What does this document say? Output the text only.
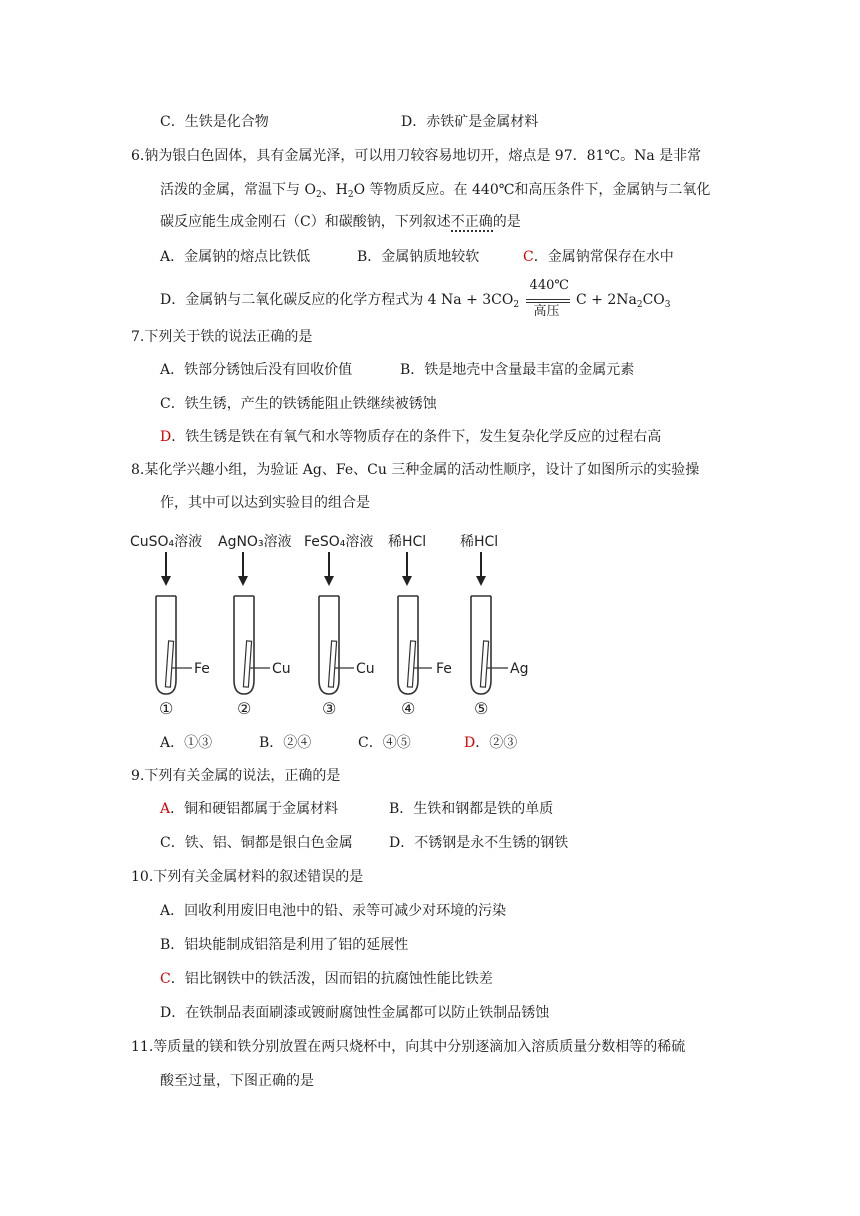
C．生铁是化合物	D．赤铁矿是金属材料
6.钠为银白色固体，具有金属光泽，可以用刀较容易地切开，熔点是 97．81℃。Na 是非常
活泼的金属，常温下与 $O_2$、$H_2O$ 等物质反应。在 440℃和高压条件下，金属钠与二氧化
碳反应能生成金刚石（C）和碳酸钠，下列叙述不正确的是
A．金属钠的熔点比铁低	B．金属钠质地较软	C．金属钠常保存在水中
D．金属钠与二氧化碳反应的化学方程式为 4 $Na + 3CO_2 \frac{440℃}{\text{高压}}$ $C + 2Na_2CO_3$
7.下列关于铁的说法正确的是
A．铁部分锈蚀后没有回收价值	B．铁是地壳中含量最丰富的金属元素
C．铁生锈，产生的铁锈能阻止铁继续被锈蚀
D．铁生锈是铁在有氧气和水等物质存在的条件下，发生复杂化学反应的过程右高
8.某化学兴趣小组，为验证 Ag、Fe、Cu 三种金属的活动性顺序，设计了如图所示的实验操
作，其中可以达到实验目的组合是
CuSO₄溶液
Fe
①
AgNO₃溶液
Cu
②
FeSO₄溶液
Cu
③
稀HCl
Fe
④
稀HCl
Ag
⑤
A．①③	B．②④	C．④⑤	D．②③
9.下列有关金属的说法，正确的是
A．铜和硬铝都属于金属材料	B．生铁和钢都是铁的单质
C．铁、铝、铜都是银白色金属	D．不锈钢是永不生锈的钢铁
10.下列有关金属材料的叙述错误的是
A．回收利用废旧电池中的铅、汞等可减少对环境的污染
B．铝块能制成铝箔是利用了铝的延展性
C．铝比钢铁中的铁活泼，因而铝的抗腐蚀性能比铁差
D．在铁制品表面刷漆或镀耐腐蚀性金属都可以防止铁制品锈蚀
11.等质量的镁和铁分别放置在两只烧杯中，向其中分别逐滴加入溶质质量分数相等的稀硫
酸至过量，下图正确的是
